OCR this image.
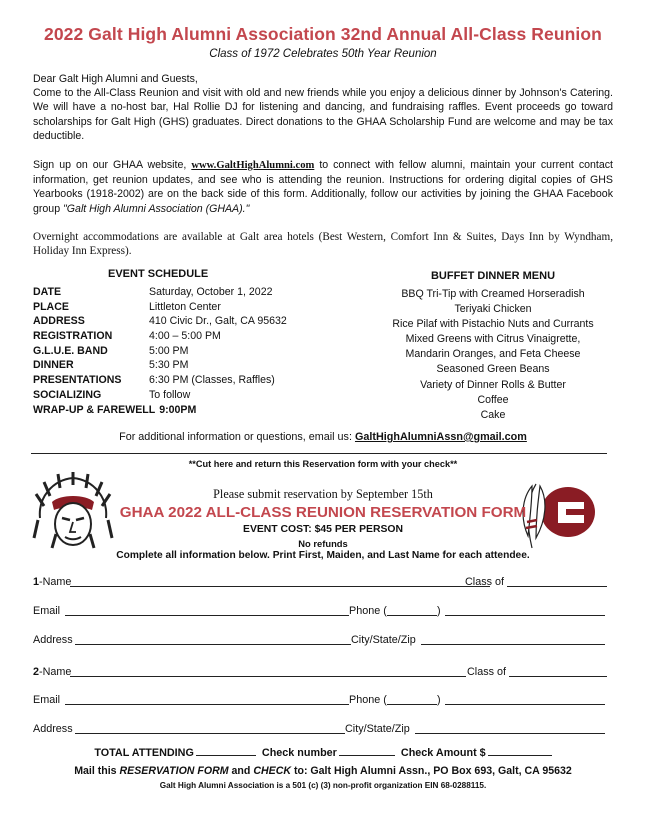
2022 Galt High Alumni Association 32nd Annual All-Class Reunion
Class of 1972 Celebrates 50th Year Reunion
Dear Galt High Alumni and Guests,
Come to the All-Class Reunion and visit with old and new friends while you enjoy a delicious dinner by Johnson's Catering. We will have a no-host bar, Hal Rollie DJ for listening and dancing, and fundraising raffles. Event proceeds go toward scholarships for Galt High (GHS) graduates. Direct donations to the GHAA Scholarship Fund are welcome and may be tax deductible.
Sign up on our GHAA website, www.GaltHighAlumni.com to connect with fellow alumni, maintain your current contact information, get reunion updates, and see who is attending the reunion. Instructions for ordering digital copies of GHS Yearbooks (1918-2002) are on the back side of this form. Additionally, follow our activities by joining the GHAA Facebook group "Galt High Alumni Association (GHAA)."
Overnight accommodations are available at Galt area hotels (Best Western, Comfort Inn & Suites, Days Inn by Wyndham, Holiday Inn Express).
EVENT SCHEDULE
DATE	Saturday, October 1, 2022
PLACE	Littleton Center
ADDRESS	410 Civic Dr., Galt, CA 95632
REGISTRATION	4:00 – 5:00 PM
G.L.U.E. BAND	5:00 PM
DINNER	5:30 PM
PRESENTATIONS	6:30 PM (Classes, Raffles)
SOCIALIZING	To follow
WRAP-UP & FAREWELL 9:00PM
BUFFET DINNER MENU
BBQ Tri-Tip with Creamed Horseradish
Teriyaki Chicken
Rice Pilaf with Pistachio Nuts and Currants
Mixed Greens with Citrus Vinaigrette,
Mandarin Oranges, and Feta Cheese
Seasoned Green Beans
Variety of Dinner Rolls & Butter
Coffee
Cake
For additional information or questions, email us: GaltHighAlumniAssn@gmail.com
**Cut here and return this Reservation form with your check**
Please submit reservation by September 15th
GHAA 2022 ALL-CLASS REUNION RESERVATION FORM
EVENT COST: $45 PER PERSON
No refunds
Complete all information below. Print First, Maiden, and Last Name for each attendee.
1-Name	Class of
Email	Phone (	)
Address	City/State/Zip
2-Name	Class of
Email	Phone (	)
Address	City/State/Zip
TOTAL ATTENDING	Check number	Check Amount $
Mail this RESERVATION FORM and CHECK to: Galt High Alumni Assn., PO Box 693, Galt, CA 95632
Galt High Alumni Association is a 501 (c) (3) non-profit organization EIN 68-0288115.
